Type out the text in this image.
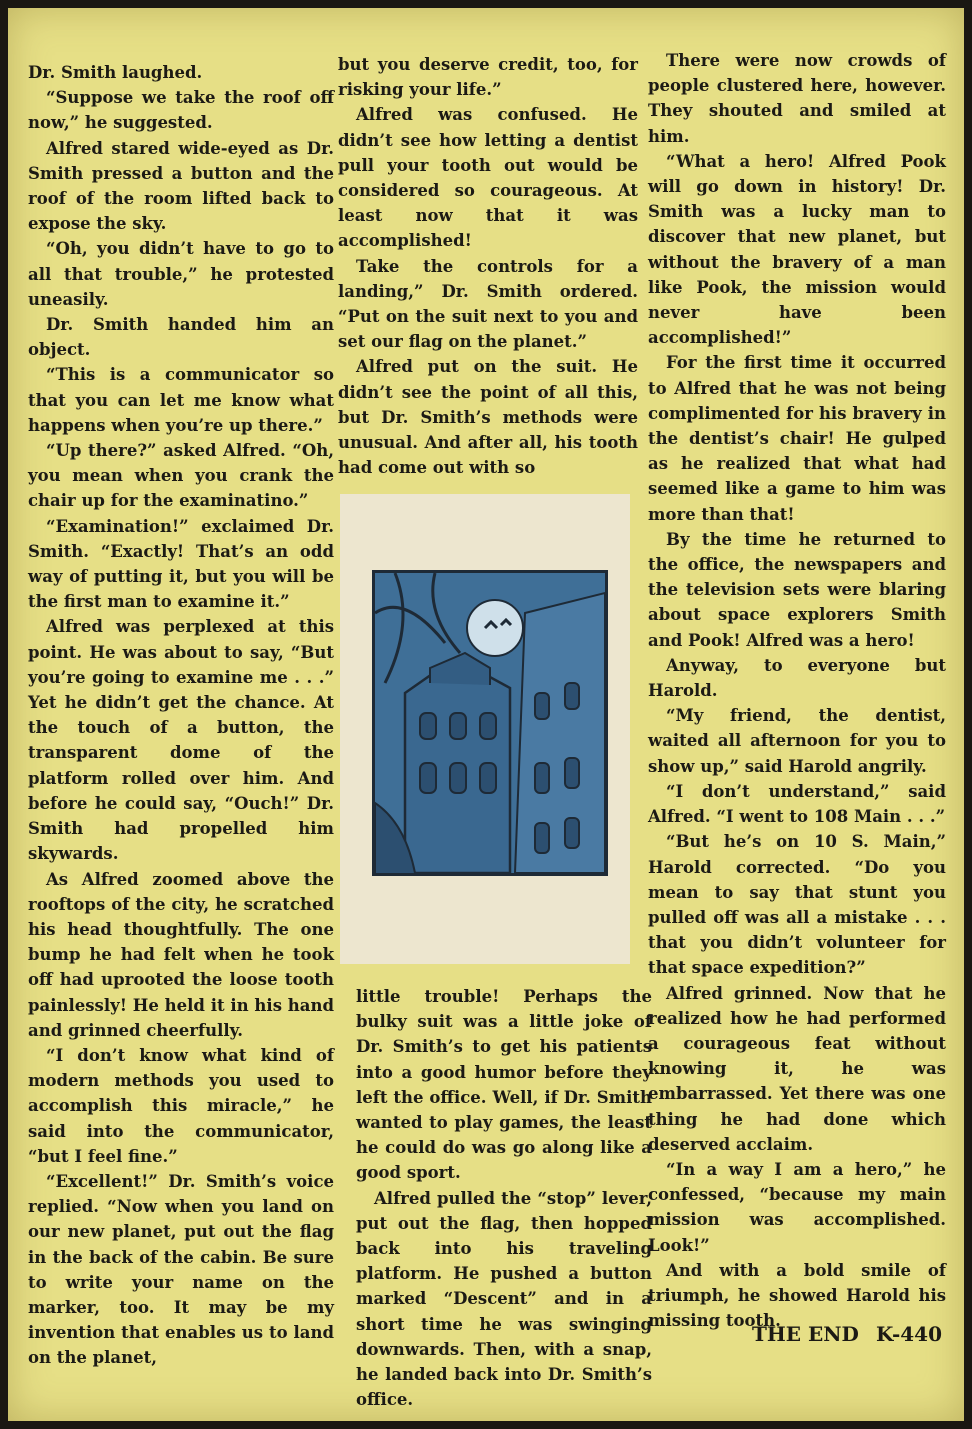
Dr. Smith laughed.

“Suppose we take the roof off now,” he suggested.

Alfred stared wide-eyed as Dr. Smith pressed a button and the roof of the room lifted back to expose the sky.

“Oh, you didn’t have to go to all that trouble,” he protested uneasily.

Dr. Smith handed him an object.

“This is a communicator so that you can let me know what happens when you’re up there.”

“Up there?” asked Alfred. “Oh, you mean when you crank the chair up for the examinatino.”

“Examination!” exclaimed Dr. Smith. “Exactly! That’s an odd way of putting it, but you will be the first man to examine it.”

Alfred was perplexed at this point. He was about to say, “But you’re going to examine me . . .” Yet he didn’t get the chance. At the touch of a button, the transparent dome of the platform rolled over him. And before he could say, “Ouch!” Dr. Smith had propelled him skywards.

As Alfred zoomed above the rooftops of the city, he scratched his head thoughtfully. The one bump he had felt when he took off had uprooted the loose tooth painlessly! He held it in his hand and grinned cheerfully.

“I don’t know what kind of modern methods you used to accomplish this miracle,” he said into the communicator, “but I feel fine.”

“Excellent!” Dr. Smith’s voice replied. “Now when you land on our new planet, put out the flag in the back of the cabin. Be sure to write your name on the marker, too. It may be my invention that enables us to land on the planet,

but you deserve credit, too, for risking your life.”

Alfred was confused. He didn’t see how letting a dentist pull your tooth out would be considered so courageous. At least now that it was accomplished!

Take the controls for a landing,” Dr. Smith ordered. “Put on the suit next to you and set our flag on the planet.”

Alfred put on the suit. He didn’t see the point of all this, but Dr. Smith’s methods were unusual. And after all, his tooth had come out with so

little trouble! Perhaps the bulky suit was a little joke of Dr. Smith’s to get his patients into a good humor before they left the office. Well, if Dr. Smith wanted to play games, the least he could do was go along like a good sport.

Alfred pulled the “stop” lever, put out the flag, then hopped back into his traveling platform. He pushed a button marked “Descent” and in a short time he was swinging downwards. Then, with a snap, he landed back into Dr. Smith’s office.

There were now crowds of people clustered here, however. They shouted and smiled at him.

“What a hero! Alfred Pook will go down in history! Dr. Smith was a lucky man to discover that new planet, but without the bravery of a man like Pook, the mission would never have been accomplished!”

For the first time it occurred to Alfred that he was not being complimented for his bravery in the dentist’s chair! He gulped as he realized that what had seemed like a game to him was more than that!

By the time he returned to the office, the newspapers and the television sets were blaring about space explorers Smith and Pook! Alfred was a hero!

Anyway, to everyone but Harold.

“My friend, the dentist, waited all afternoon for you to show up,” said Harold angrily.

“I don’t understand,” said Alfred. “I went to 108 Main . . .”

“But he’s on 10 S. Main,” Harold corrected. “Do you mean to say that stunt you pulled off was all a mistake . . . that you didn’t volunteer for that space expedition?”

Alfred grinned. Now that he realized how he had performed a courageous feat without knowing it, he was embarrassed. Yet there was one thing he had done which deserved acclaim.

“In a way I am a hero,” he confessed, “because my main mission was accomplished. Look!”

And with a bold smile of triumph, he showed Harold his missing tooth.

THE END K-440
